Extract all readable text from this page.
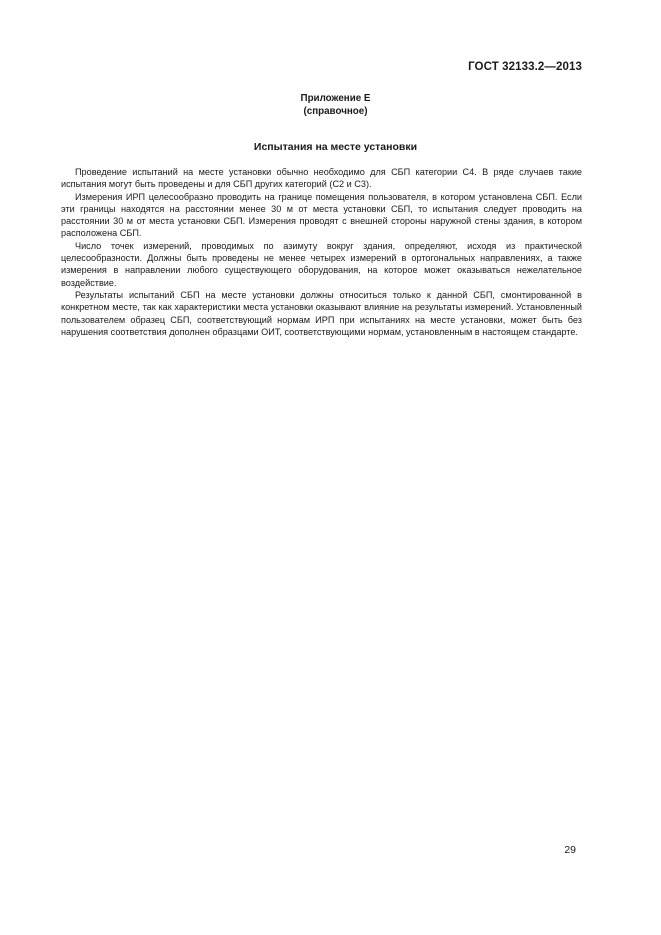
ГОСТ 32133.2—2013
Приложение Е
(справочное)
Испытания на месте установки

Проведение испытаний на месте установки обычно необходимо для СБП категории С4. В ряде случаев такие испытания могут быть проведены и для СБП других категорий (С2 и С3).

Измерения ИРП целесообразно проводить на границе помещения пользователя, в котором установлена СБП. Если эти границы находятся на расстоянии менее 30 м от места установки СБП, то испытания следует проводить на расстоянии 30 м от места установки СБП. Измерения проводят с внешней стороны наружной стены здания, в котором расположена СБП.

Число точек измерений, проводимых по азимуту вокруг здания, определяют, исходя из практической целесообразности. Должны быть проведены не менее четырех измерений в ортогональных направлениях, а также измерения в направлении любого существующего оборудования, на которое может оказываться нежелательное воздействие.

Результаты испытаний СБП на месте установки должны относиться только к данной СБП, смонтированной в конкретном месте, так как характеристики места установки оказывают влияние на результаты измерений. Установленный пользователем образец СБП, соответствующий нормам ИРП при испытаниях на месте установки, может быть без нарушения соответствия дополнен образцами ОИТ, соответствующими нормам, установленным в настоящем стандарте.

29
